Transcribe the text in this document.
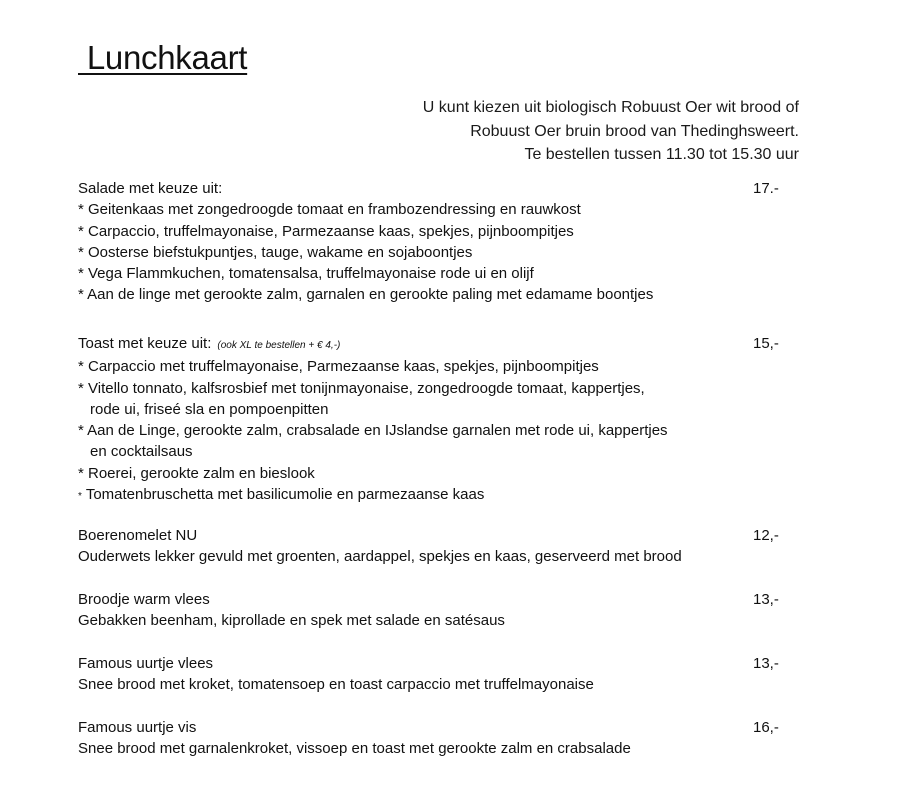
Lunchkaart
U kunt kiezen uit biologisch Robuust Oer wit brood of
Robuust Oer bruin brood van Thedinghsweert.
Te bestellen tussen 11.30 tot 15.30 uur
Salade met keuze uit:	17.-
* Geitenkaas met zongedroogde tomaat en frambozendressing en rauwkost
* Carpaccio, truffelmayonaise, Parmezaanse kaas, spekjes, pijnboompitjes
* Oosterse biefstukpuntjes, tauge, wakame en sojaboontjes
* Vega Flammkuchen, tomatensalsa, truffelmayonaise rode ui en olijf
* Aan de linge met gerookte zalm, garnalen en gerookte paling met edamame boontjes
Toast met keuze uit: (ook XL te bestellen + € 4,-)	15,-
* Carpaccio met truffelmayonaise, Parmezaanse kaas, spekjes, pijnboompitjes
* Vitello tonnato, kalfsrosbief met tonijnmayonaise, zongedroogde tomaat, kappertjes,
rode ui, friseé sla en pompoenpitten
* Aan de Linge, gerookte zalm, crabsalade en IJslandse garnalen met rode ui, kappertjes
en cocktailsaus
* Roerei, gerookte zalm en bieslook
* Tomatenbruschetta met basilicumolie en parmezaanse kaas
Boerenomelet NU	12,-
Ouderwets lekker gevuld met groenten, aardappel, spekjes en kaas, geserveerd met brood
Broodje warm vlees	13,-
Gebakken beenham, kiprollade en spek met salade en satésaus
Famous uurtje vlees	13,-
Snee brood met kroket, tomatensoep en toast carpaccio met truffelmayonaise
Famous uurtje vis	16,-
Snee brood met garnalenkroket, vissoep en toast met gerookte zalm en crabsalade
